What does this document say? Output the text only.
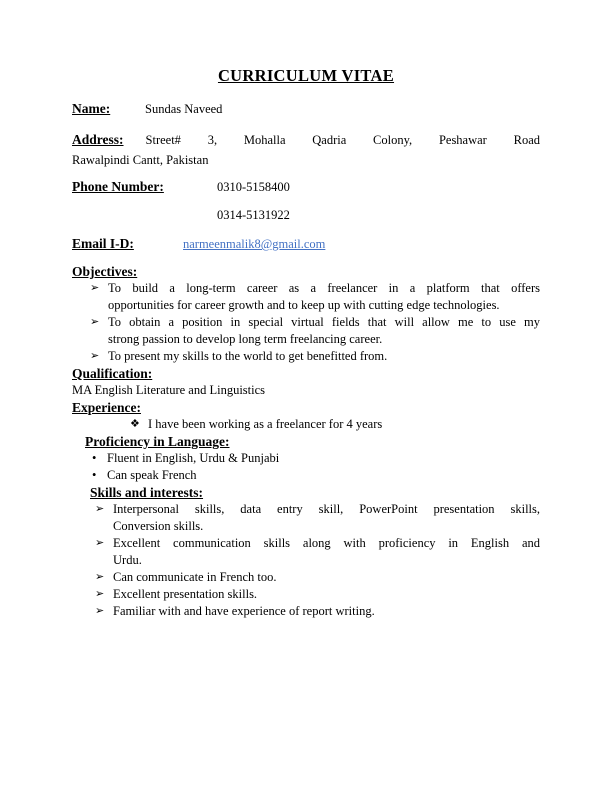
CURRICULUM VITAE
Name:	Sundas Naveed
Address: Street# 3, Mohalla Qadria Colony, Peshawar Road
Rawalpindi Cantt, Pakistan
Phone Number:	0310-5158400
0314-5131922
Email I-D:	narmeenmalik8@gmail.com
Objectives:
➢ To build a long-term career as a freelancer in a platform that offers
opportunities for career growth and to keep up with cutting edge technologies.
➢ To obtain a position in special virtual fields that will allow me to use my
strong passion to develop long term freelancing career.
➢ To present my skills to the world to get benefitted from.
Qualification:

MA English Literature and Linguistics

Experience:
❖ I have been working as a freelancer for 4 years
Proficiency in Language:
• Fluent in English, Urdu & Punjabi
• Can speak French
Skills and interests:
➢ Interpersonal skills, data entry skill, PowerPoint presentation skills,
Conversion skills.
➢ Excellent communication skills along with proficiency in English and
Urdu.
➢ Can communicate in French too.
➢ Excellent presentation skills.
➢ Familiar with and have experience of report writing.
